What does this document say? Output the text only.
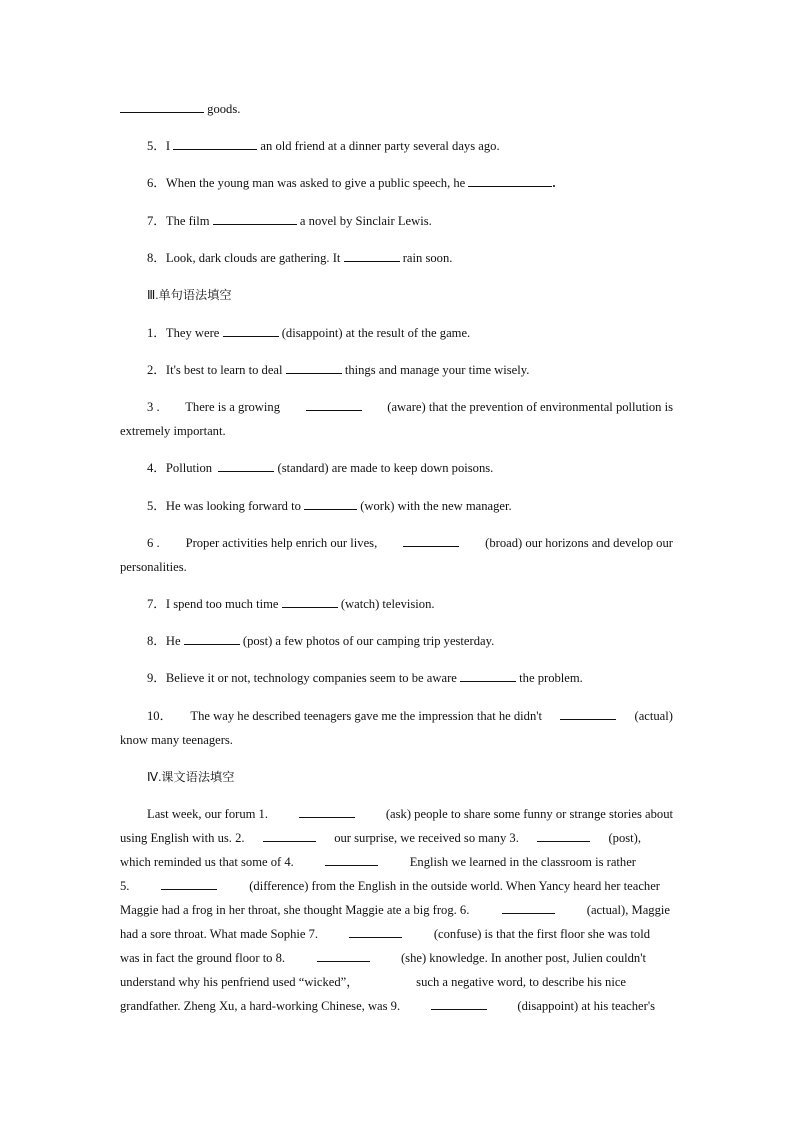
goods.
5．I	an old friend at a dinner party several days ago.
6．When the young man was asked to give a public speech, he	.
7．The film	a novel by Sinclair Lewis.
8．Look, dark clouds are gathering. It	rain soon.
Ⅲ.单句语法填空
1．They were	(disappoint) at the result of the game.
2．It's best to learn to deal	things and manage your time wisely.
3 . There is a growing	(aware) that the prevention of environmental pollution is
extremely important.
4．Pollution	(standard) are made to keep down poisons.
5．He was looking forward to	(work) with the new manager.
6 . Proper activities help enrich our lives,	(broad) our horizons and develop our
personalities.
7．I spend too much time	(watch) television.
8．He	(post) a few photos of our camping trip yesterday.
9．Believe it or not, technology companies seem to be aware	the problem.
10． The way he described teenagers gave me the impression that he didn't	(actual)
know many teenagers.
Ⅳ.课文语法填空
Last week, our forum 1.	(ask) people to share some funny or strange stories about
using English with us. 2.	our surprise, we received so many 3.	(post),
which reminded us that some of 4.	English we learned in the classroom is rather
5.	(difference) from the English in the outside world. When Yancy heard her teacher
Maggie had a frog in her throat, she thought Maggie ate a big frog. 6.	(actual), Maggie
had a sore throat. What made Sophie 7.	(confuse) is that the first floor she was told
was in fact the ground floor to 8.	(she) knowledge. In another post, Julien couldn't
understand why his penfriend used “wicked”，	such a negative word, to describe his nice
grandfather. Zheng Xu, a hard-working Chinese, was 9.	(disappoint) at his teacher's
